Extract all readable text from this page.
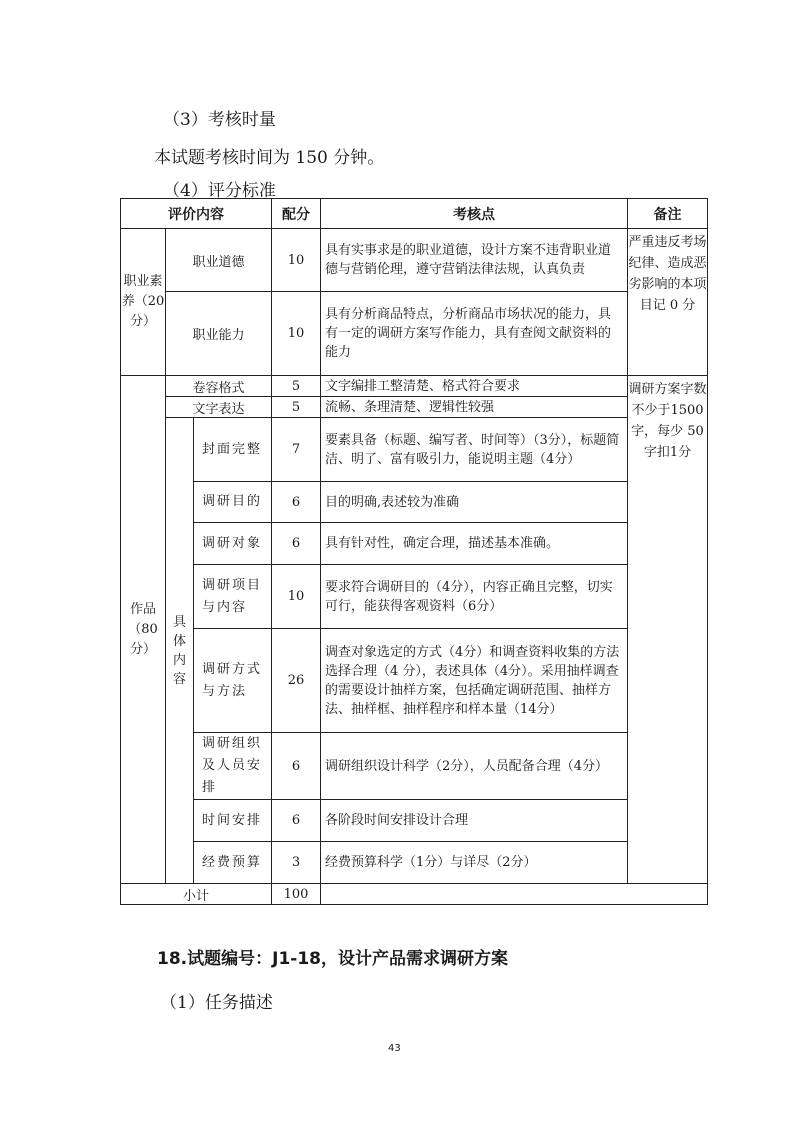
（3）考核时量
本试题考核时间为 150 分钟。
（4）评分标准
评价内容			配分	考核点	备注
职业素养（20分）	职业道德		10	具有实事求是的职业道德，设计方案不违背职业道德与营销伦理，遵守营销法律法规，认真负责	严重违反考场纪律、造成恶劣影响的本项目记 0 分
	职业能力		10	具有分析商品特点，分析商品市场状况的能力，具有一定的调研方案写作能力，具有查阅文献资料的能力	
作品（80分）	卷容格式		5	文字编排工整清楚、格式符合要求	调研方案字数不少于1500字，每少 50 字扣1分
	文字表达		5	流畅、条理清楚、逻辑性较强	

	具体内容	封面完整	7	要素具备（标题、编写者、时间等）（3分），标题简洁、明了、富有吸引力，能说明主题（4分）	
		调研目的	6	目的明确,表述较为准确	
		调研对象	6	具有针对性，确定合理，描述基本准确。	
		调研项目与内容	10	要求符合调研目的（4分），内容正确且完整，切实可行，能获得客观资料（6分）	
		调研方式与方法	26	调查对象选定的方式（4分）和调查资料收集的方法选择合理（4 分），表述具体（4分）。采用抽样调查的需要设计抽样方案，包括确定调研范围、抽样方法、抽样框、抽样程序和样本量（14分）	
		调研组织及人员安排	6	调研组织设计科学（2分），人员配备合理（4分）	
		时间安排	6	各阶段时间安排设计合理	
		经费预算	3	经费预算科学（1分）与详尽（2分）	
小计			100		
18.试题编号：J1-18，设计产品需求调研方案
（1）任务描述
43
